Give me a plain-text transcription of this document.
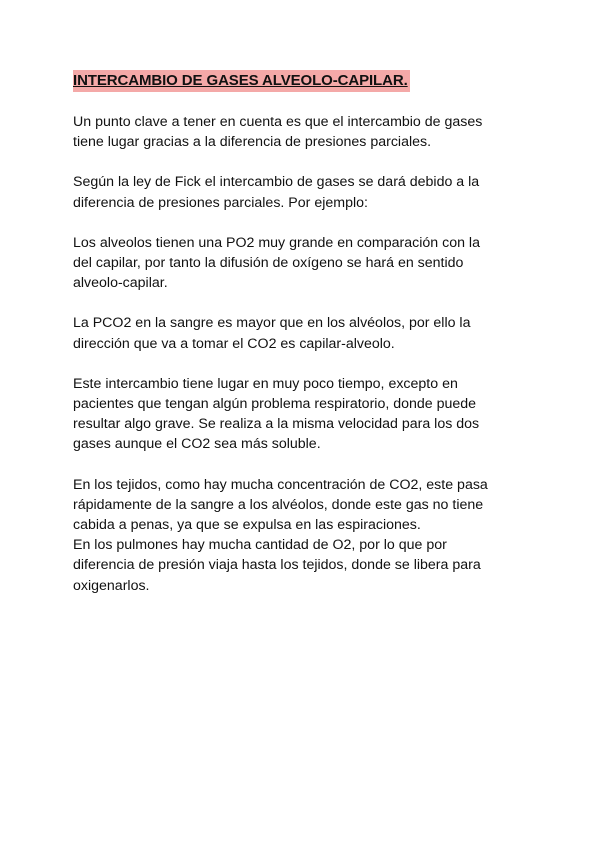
INTERCAMBIO DE GASES ALVEOLO-CAPILAR.

Un punto clave a tener en cuenta es que el intercambio de gases
tiene lugar gracias a la diferencia de presiones parciales.

Según la ley de Fick el intercambio de gases se dará debido a la
diferencia de presiones parciales. Por ejemplo:

Los alveolos tienen una PO2 muy grande en comparación con la
del capilar, por tanto la difusión de oxígeno se hará en sentido
alveolo-capilar.

La PCO2 en la sangre es mayor que en los alvéolos, por ello la
dirección que va a tomar el CO2 es capilar-alveolo.

Este intercambio tiene lugar en muy poco tiempo, excepto en
pacientes que tengan algún problema respiratorio, donde puede
resultar algo grave. Se realiza a la misma velocidad para los dos
gases aunque el CO2 sea más soluble.

En los tejidos, como hay mucha concentración de CO2, este pasa
rápidamente de la sangre a los alvéolos, donde este gas no tiene
cabida a penas, ya que se expulsa en las espiraciones.

En los pulmones hay mucha cantidad de O2, por lo que por
diferencia de presión viaja hasta los tejidos, donde se libera para
oxigenarlos.
